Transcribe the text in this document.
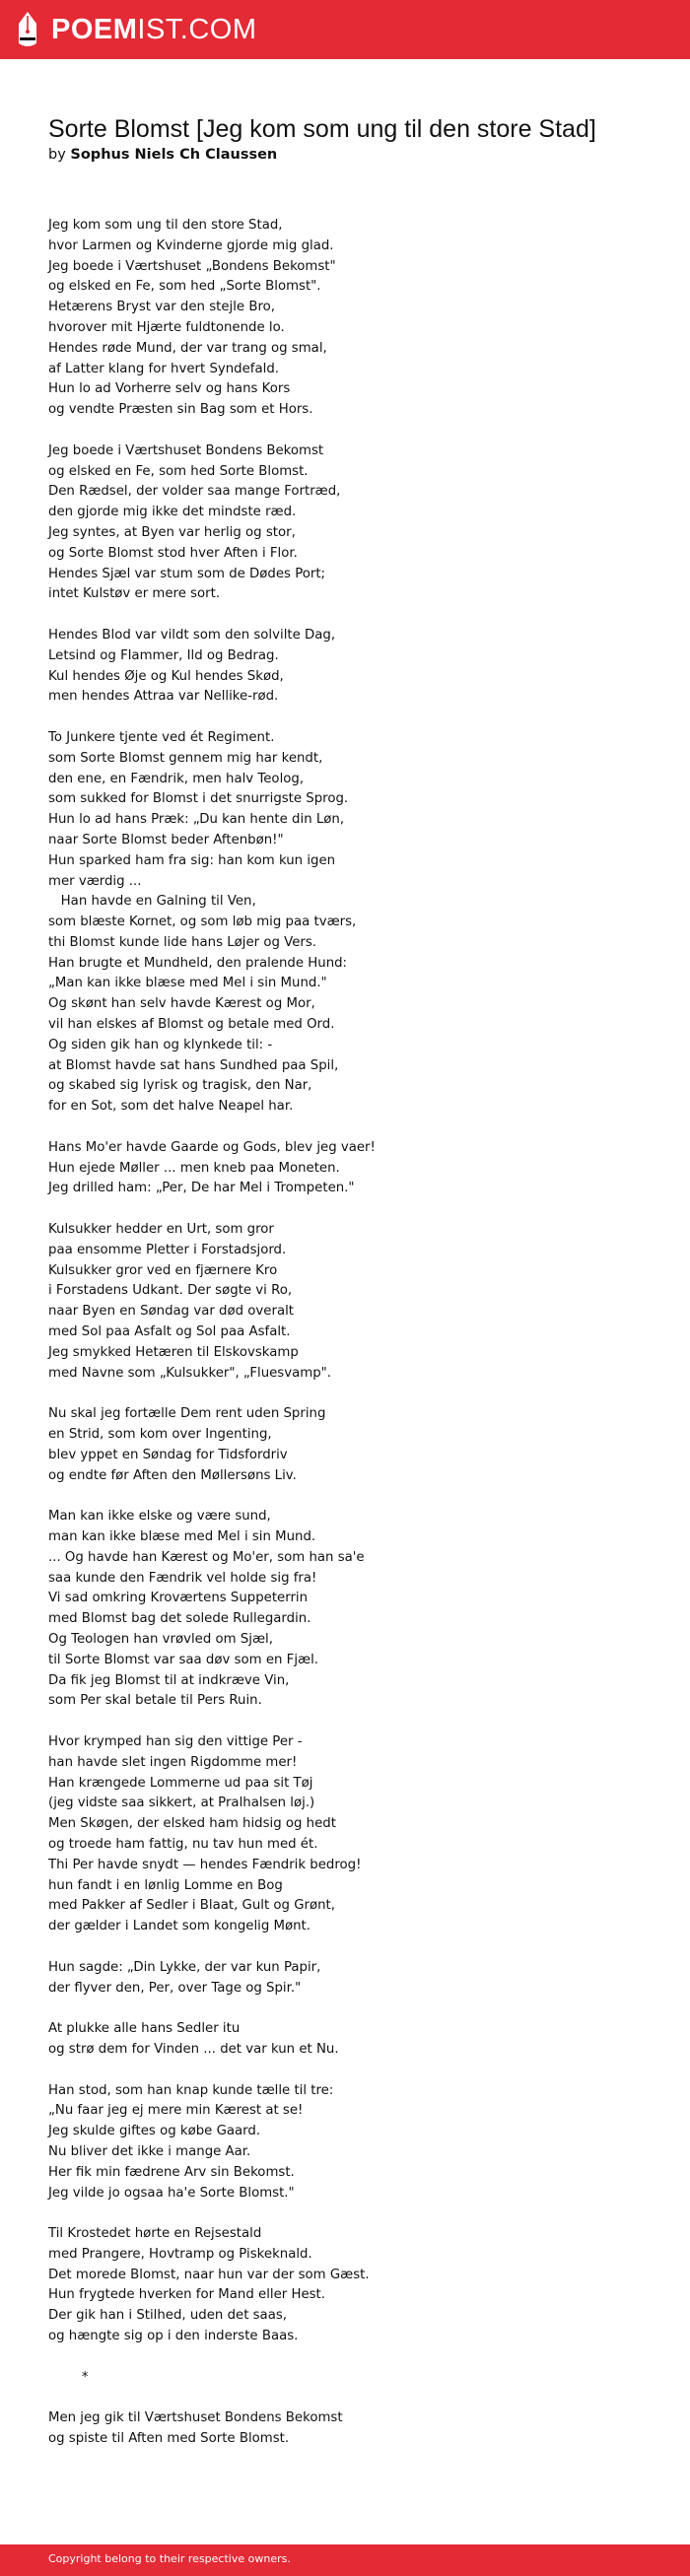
POEMIST.COM
Sorte Blomst [Jeg kom som ung til den store Stad]
by Sophus Niels Ch Claussen
Jeg kom som ung til den store Stad,
hvor Larmen og Kvinderne gjorde mig glad.
Jeg boede i Værtshuset „Bondens Bekomst"
og elsked en Fe, som hed „Sorte Blomst".
Hetærens Bryst var den stejle Bro,
hvorover mit Hjærte fuldtonende lo.
Hendes røde Mund, der var trang og smal,
af Latter klang for hvert Syndefald.
Hun lo ad Vorherre selv og hans Kors
og vendte Præsten sin Bag som et Hors.
Jeg boede i Værtshuset Bondens Bekomst
og elsked en Fe, som hed Sorte Blomst.
Den Rædsel, der volder saa mange Fortræd,
den gjorde mig ikke det mindste ræd.
Jeg syntes, at Byen var herlig og stor,
og Sorte Blomst stod hver Aften i Flor.
Hendes Sjæl var stum som de Dødes Port;
intet Kulstøv er mere sort.
Hendes Blod var vildt som den solvilte Dag,
Letsind og Flammer, Ild og Bedrag.
Kul hendes Øje og Kul hendes Skød,
men hendes Attraa var Nellike-rød.
To Junkere tjente ved ét Regiment.
som Sorte Blomst gennem mig har kendt,
den ene, en Fændrik, men halv Teolog,
som sukked for Blomst i det snurrigste Sprog.
Hun lo ad hans Præk: „Du kan hente din Løn,
naar Sorte Blomst beder Aftenbøn!"
Hun sparked ham fra sig: han kom kun igen
mer værdig ...
Han havde en Galning til Ven,
som blæste Kornet, og som løb mig paa tværs,
thi Blomst kunde lide hans Løjer og Vers.
Han brugte et Mundheld, den pralende Hund:
„Man kan ikke blæse med Mel i sin Mund."
Og skønt han selv havde Kærest og Mor,
vil han elskes af Blomst og betale med Ord.
Og siden gik han og klynkede til: -
at Blomst havde sat hans Sundhed paa Spil,
og skabed sig lyrisk og tragisk, den Nar,
for en Sot, som det halve Neapel har.
Hans Mo'er havde Gaarde og Gods, blev jeg vaer!
Hun ejede Møller ... men kneb paa Moneten.
Jeg drilled ham: „Per, De har Mel i Trompeten."
Kulsukker hedder en Urt, som gror
paa ensomme Pletter i Forstadsjord.
Kulsukker gror ved en fjærnere Kro
i Forstadens Udkant. Der søgte vi Ro,
naar Byen en Søndag var død overalt
med Sol paa Asfalt og Sol paa Asfalt.
Jeg smykked Hetæren til Elskovskamp
med Navne som „Kulsukker", „Fluesvamp".
Nu skal jeg fortælle Dem rent uden Spring
en Strid, som kom over Ingenting,
blev yppet en Søndag for Tidsfordriv
og endte før Aften den Møllersøns Liv.
Man kan ikke elske og være sund,
man kan ikke blæse med Mel i sin Mund.
... Og havde han Kærest og Mo'er, som han sa'e
saa kunde den Fændrik vel holde sig fra!
Vi sad omkring Kroværtens Suppeterrin
med Blomst bag det solede Rullegardin.
Og Teologen han vrøvled om Sjæl,
til Sorte Blomst var saa døv som en Fjæl.
Da fik jeg Blomst til at indkræve Vin,
som Per skal betale til Pers Ruin.
Hvor krymped han sig den vittige Per -
han havde slet ingen Rigdomme mer!
Han krængede Lommerne ud paa sit Tøj
(jeg vidste saa sikkert, at Pralhalsen løj.)
Men Skøgen, der elsked ham hidsig og hedt
og troede ham fattig, nu tav hun med ét.
Thi Per havde snydt — hendes Fændrik bedrog!
hun fandt i en lønlig Lomme en Bog
med Pakker af Sedler i Blaat, Gult og Grønt,
der gælder i Landet som kongelig Mønt.
Hun sagde: „Din Lykke, der var kun Papir,
der flyver den, Per, over Tage og Spir."
At plukke alle hans Sedler itu
og strø dem for Vinden ... det var kun et Nu.
Han stod, som han knap kunde tælle til tre:
„Nu faar jeg ej mere min Kærest at se!
Jeg skulde giftes og købe Gaard.
Nu bliver det ikke i mange Aar.
Her fik min fædrene Arv sin Bekomst.
Jeg vilde jo ogsaa ha'e Sorte Blomst."
Til Krostedet hørte en Rejsestald
med Prangere, Hovtramp og Piskeknald.
Det morede Blomst, naar hun var der som Gæst.
Hun frygtede hverken for Mand eller Hest.
Der gik han i Stilhed, uden det saas,
og hængte sig op i den inderste Baas.
*
Men jeg gik til Værtshuset Bondens Bekomst
og spiste til Aften med Sorte Blomst.
Copyright belong to their respective owners.
